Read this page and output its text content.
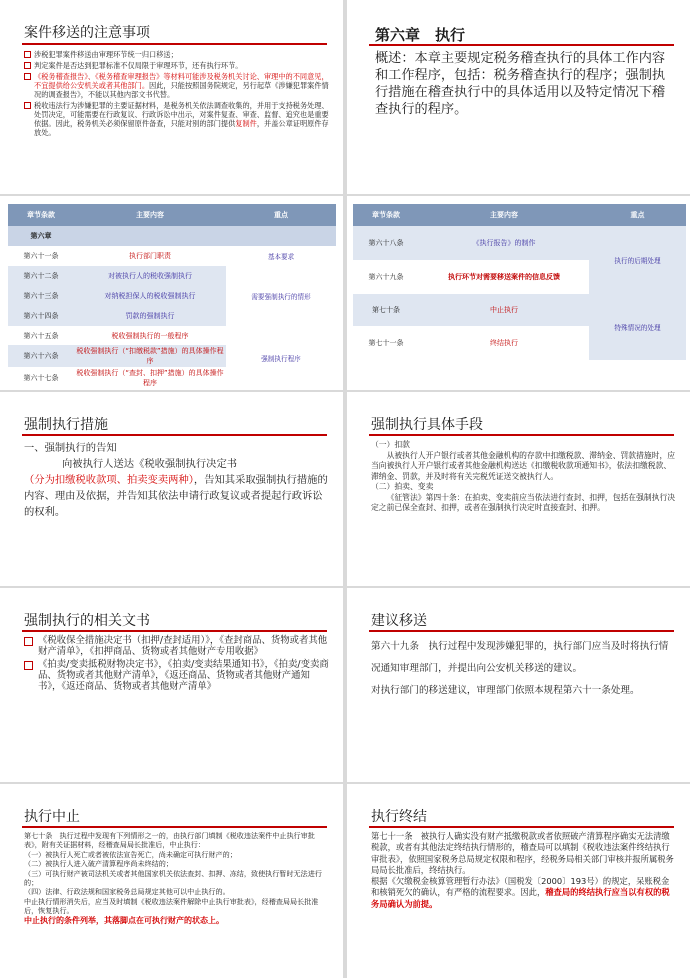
案件移送的注意事项

涉税犯罪案件移送由审理环节统一归口移送；

判定案件是否达到犯罪标准不仅局限于审理环节，还有执行环节。

《税务稽查报告》、《税务稽查审理报告》等材料可能涉及税务机关讨论、审理中的不同意见，不宜提供给公安机关或者其他部门。因此，只能按照国务院规定，另行起草《涉嫌犯罪案件情况的调查报告》，不能以其他内部文书代替。

税收违法行为涉嫌犯罪的主要证据材料，是税务机关依法调查收集的，并用于支持税务处理、处罚决定，可能需要在行政复议、行政诉讼中出示，对案件复查、审查、监督、追究也是重要依据。因此，税务机关必须保留原件备查，只能对别的部门提供复制件，并盖公章证明原件存放处。

第六章　执行
概述：本章主要规定税务稽查执行的具体工作内容和工作程序，包括：税务稽查执行的程序；强制执行措施在稽查执行中的具体适用以及特定情况下稽查执行的程序。
章节条款	主要内容	重点
第六章		
第六十一条	执行部门职责	基本要求
第六十二条	对被执行人的税收强制执行	需要强制执行的情形
第六十三条	对纳税担保人的税收强制执行	
第六十四条	罚款的强制执行	
第六十五条	税收强制执行的一般程序	强制执行程序
第六十六条	税收强制执行（“扣缴税款”措施）的具体操作程序	
第六十七条	税收强制执行（“查封、扣押”措施）的具体操作程序	
章节条款	主要内容	重点
第六十八条	《执行报告》的制作	执行的后期处理
第六十九条	执行环节对需要移送案件的信息反馈	
第七十条	中止执行	特殊情况的处理
第七十一条	终结执行	
强制执行措施
一、强制执行的告知
向被执行人送达《税收强制执行决定书
（分为扣缴税收款项、拍卖变卖两种），告知其采取强制执行措施的内容、理由及依据，并告知其依法申请行政复议或者提起行政诉讼的权利。
强制执行具体手段
（一）扣款
从被执行人开户银行或者其他金融机构的存款中扣缴税款、滞纳金、罚款措施时，应当向被执行人开户银行或者其他金融机构送达《扣缴税收款项通知书》，依法扣缴税款、滞纳金、罚款，并及时将有关完税凭证送交被执行人。
（二）拍卖、变卖
《征管法》第四十条：在拍卖、变卖前应当依法进行查封、扣押，包括在强制执行决定之前已保全查封、扣押，或者在强制执行决定时直接查封、扣押。
强制执行的相关文书
《税收保全措施决定书（扣押/查封适用）》，《查封商品、货物或者其他财产清单》，《扣押商品、货物或者其他财产专用收据》
《拍卖/变卖抵税财物决定书》，《拍卖/变卖结果通知书》，《拍卖/变卖商品、货物或者其他财产清单》，《返还商品、货物或者其他财产通知书》，《返还商品、货物或者其他财产清单》
建议移送

第六十九条　执行过程中发现涉嫌犯罪的，执行部门应当及时将执行情况通知审理部门，并提出向公安机关移送的建议。

对执行部门的移送建议，审理部门依照本规程第六十一条处理。

执行中止

第七十条　执行过程中发现有下列情形之一的，由执行部门填制《税收违法案件中止执行审批表》，附有关证据材料，经稽查局局长批准后，中止执行：

（一）被执行人死亡或者被依法宣告死亡，尚未确定可执行财产的；

（二）被执行人进入破产清算程序尚未终结的；

（三）可执行财产被司法机关或者其他国家机关依法查封、扣押、冻结，致使执行暂时无法进行的；

（四）法律、行政法规和国家税务总局规定其他可以中止执行的。

中止执行情形消失后，应当及时填制《税收违法案件解除中止执行审批表》，经稽查局局长批准后，恢复执行。

中止执行的条件列举，其落脚点在可执行财产的状态上。

执行终结

第七十一条　被执行人确实没有财产抵缴税款或者依照破产清算程序确实无法清缴税款，或者有其他法定终结执行情形的，稽查局可以填制《税收违法案件终结执行审批表》，依照国家税务总局规定权限和程序，经税务局相关部门审核并报所属税务局局长批准后，终结执行。

根据《欠缴税金核算管理暂行办法》（国税发〔2000〕193号）的规定，呆账税金和核销死欠的确认，有严格的流程要求。因此，稽查局的终结执行应当以有权的税务局确认为前提。
